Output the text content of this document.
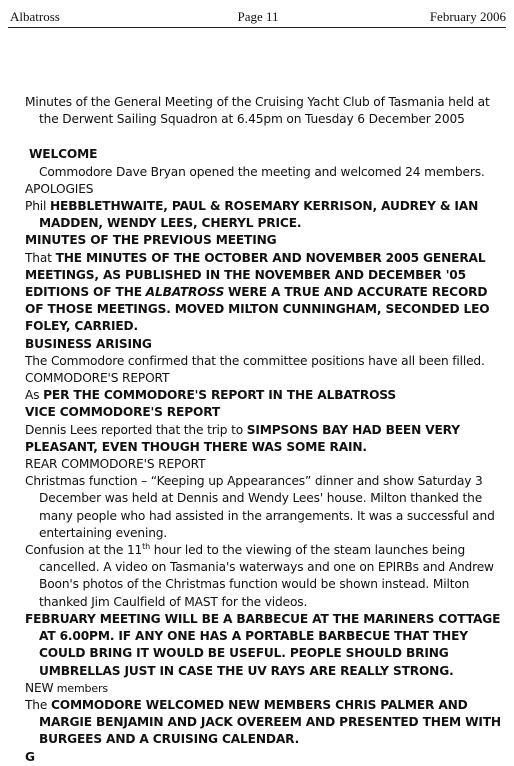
Albatross	Page 11	February 2006

Minutes of the General Meeting of the Cruising Yacht Club of Tasmania held at the Derwent Sailing Squadron at 6.45pm on Tuesday 6 December 2005

WELCOME

Commodore Dave Bryan opened the meeting and welcomed 24 members.

APOLOGIES

Phil HEBBLETHWAITE, PAUL & ROSEMARY KERRISON, AUDREY & IAN MADDEN, WENDY LEES, CHERYL PRICE.

MINUTES OF THE PREVIOUS MEETING

That THE MINUTES OF THE OCTOBER AND NOVEMBER 2005 GENERAL MEETINGS, AS PUBLISHED IN THE NOVEMBER AND DECEMBER '05 EDITIONS OF THE ALBATROSS WERE A TRUE AND ACCURATE RECORD OF THOSE MEETINGS. MOVED MILTON CUNNINGHAM, SECONDED LEO FOLEY, CARRIED.

BUSINESS ARISING

The Commodore confirmed that the committee positions have all been filled.

COMMODORE'S REPORT

As PER THE COMMODORE'S REPORT IN THE ALBATROSS

VICE COMMODORE'S REPORT

Dennis Lees reported that the trip to SIMPSONS BAY HAD BEEN VERY PLEASANT, EVEN THOUGH THERE WAS SOME RAIN.

REAR COMMODORE'S REPORT

Christmas function – “Keeping up Appearances” dinner and show Saturday 3 December was held at Dennis and Wendy Lees' house. Milton thanked the many people who had assisted in the arrangements. It was a successful and entertaining evening.

Confusion at the 11th hour led to the viewing of the steam launches being cancelled. A video on Tasmania's waterways and one on EPIRBs and Andrew Boon's photos of the Christmas function would be shown instead. Milton thanked Jim Caulfield of MAST for the videos.

FEBRUARY MEETING WILL BE A BARBECUE AT THE MARINERS COTTAGE AT 6.00PM. IF ANY ONE HAS A PORTABLE BARBECUE THAT THEY COULD BRING IT WOULD BE USEFUL. PEOPLE SHOULD BRING UMBRELLAS JUST IN CASE THE UV RAYS ARE REALLY STRONG.

NEW members

The COMMODORE WELCOMED NEW MEMBERS CHRIS PALMER AND MARGIE BENJAMIN AND JACK OVEREEM AND PRESENTED THEM WITH BURGEES AND A CRUISING CALENDAR.

G
